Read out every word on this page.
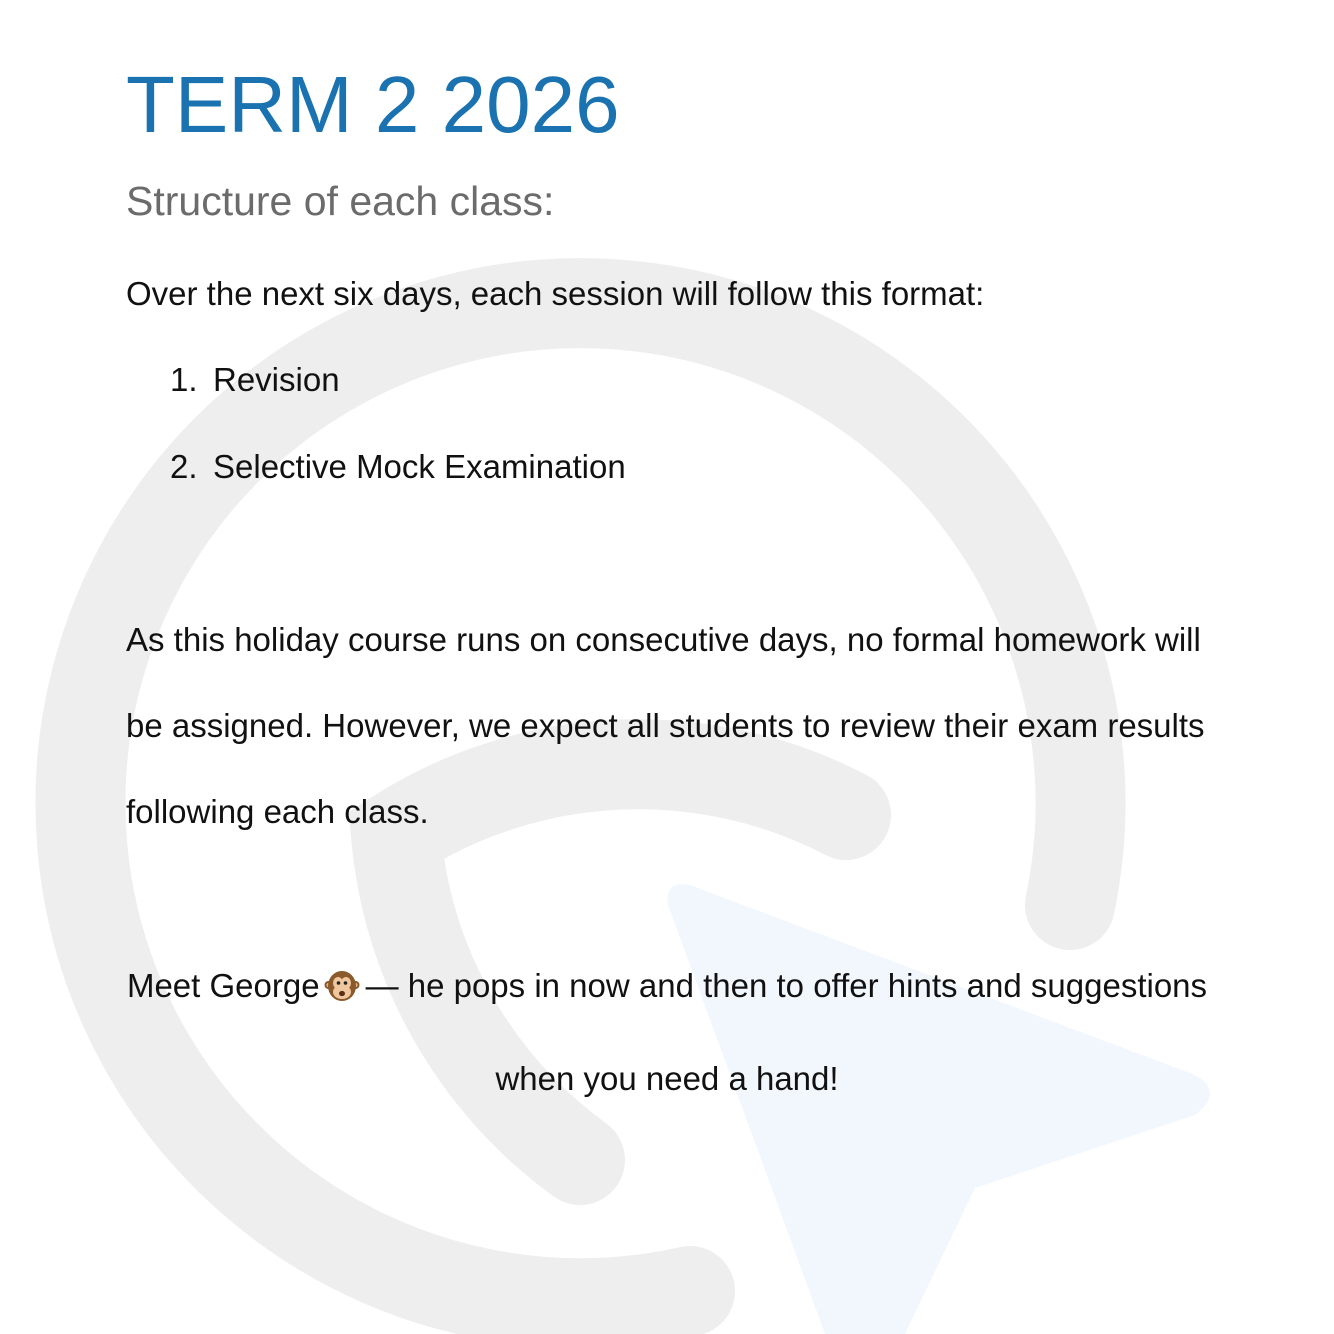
TERM 2 2026
Structure of each class:

Over the next six days, each session will follow this format:

1. Revision
2. Selective Mock Examination

As this holiday course runs on consecutive days, no formal homework will be assigned. However, we expect all students to review their exam results following each class.

Meet George — he pops in now and then to offer hints and suggestions when you need a hand!
